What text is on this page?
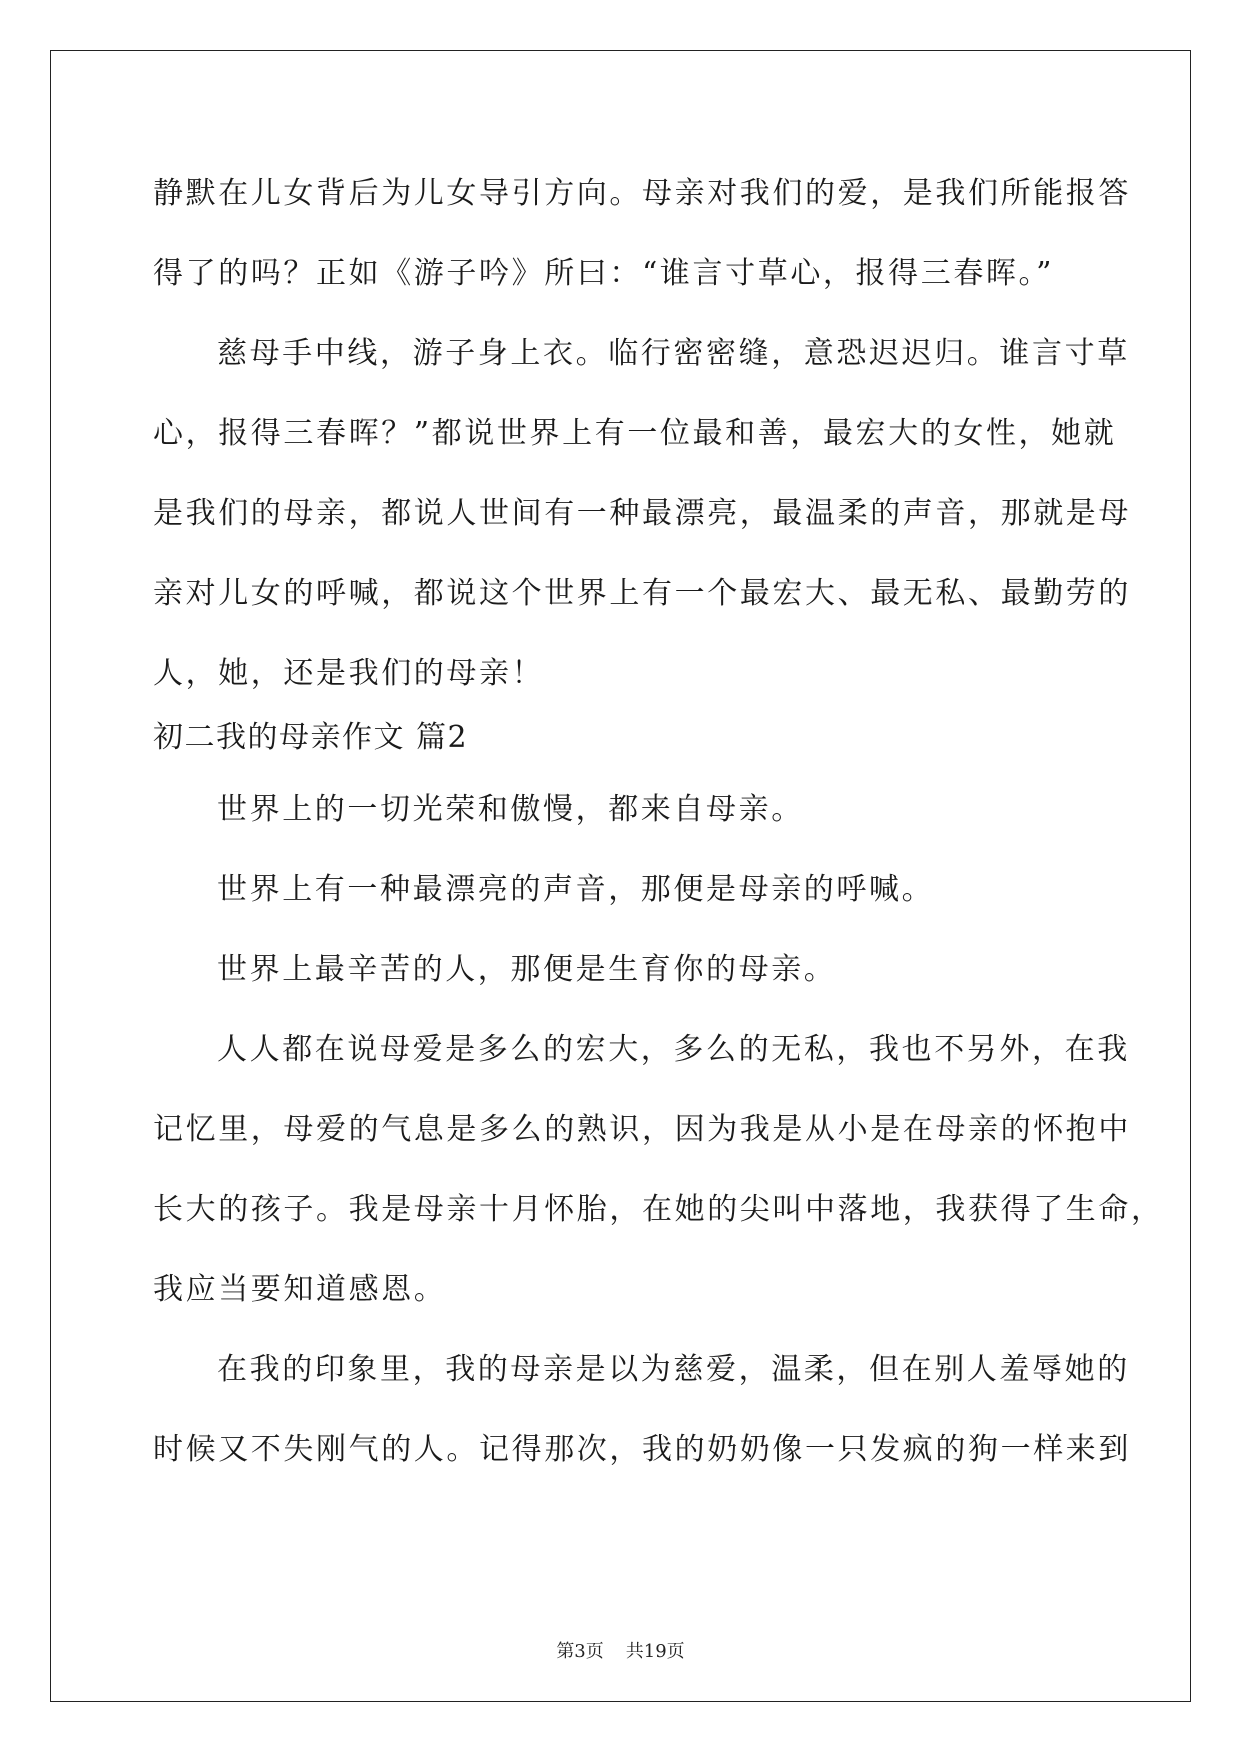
静默在儿女背后为儿女导引方向。母亲对我们的爱，是我们所能报答
得了的吗？正如《游子吟》所曰：“谁言寸草心，报得三春晖。”
慈母手中线，游子身上衣。临行密密缝，意恐迟迟归。谁言寸草
心，报得三春晖？”都说世界上有一位最和善，最宏大的女性，她就
是我们的母亲，都说人世间有一种最漂亮，最温柔的声音，那就是母
亲对儿女的呼喊，都说这个世界上有一个最宏大、最无私、最勤劳的
人，她，还是我们的母亲！
初二我的母亲作文 篇2
世界上的一切光荣和傲慢，都来自母亲。
世界上有一种最漂亮的声音，那便是母亲的呼喊。
世界上最辛苦的人，那便是生育你的母亲。
人人都在说母爱是多么的宏大，多么的无私，我也不另外，在我
记忆里，母爱的气息是多么的熟识，因为我是从小是在母亲的怀抱中
长大的孩子。我是母亲十月怀胎，在她的尖叫中落地，我获得了生命，
我应当要知道感恩。
在我的印象里，我的母亲是以为慈爱，温柔，但在别人羞辱她的
时候又不失刚气的人。记得那次，我的奶奶像一只发疯的狗一样来到
第3页 共19页
